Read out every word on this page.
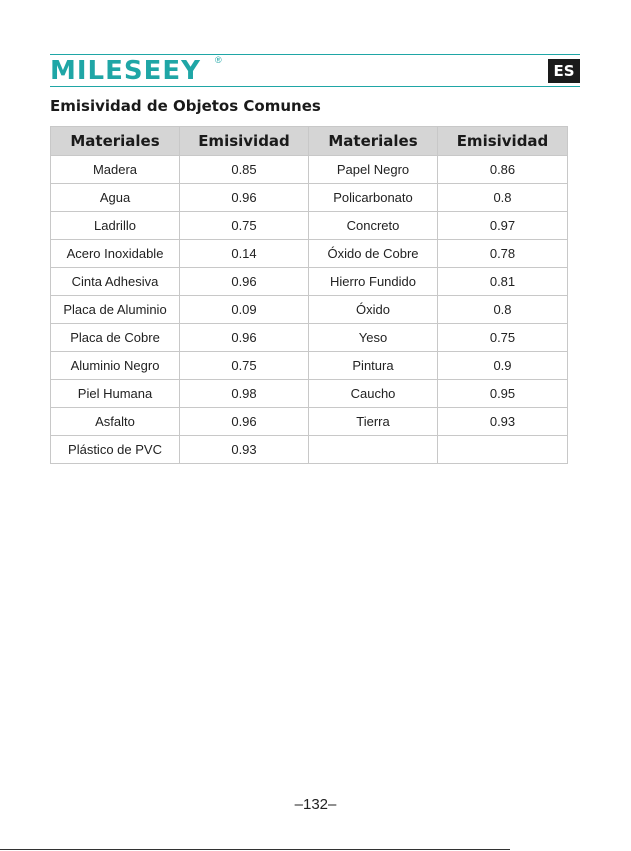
MILESEEY ®
ES
Emisividad de Objetos Comunes
Materiales	Emisividad	Materiales	Emisividad
Madera	0.85	Papel Negro	0.86
Agua	0.96	Policarbonato	0.8
Ladrillo	0.75	Concreto	0.97
Acero Inoxidable	0.14	Óxido de Cobre	0.78
Cinta Adhesiva	0.96	Hierro Fundido	0.81
Placa de Aluminio	0.09	Óxido	0.8
Placa de Cobre	0.96	Yeso	0.75
Aluminio Negro	0.75	Pintura	0.9
Piel Humana	0.98	Caucho	0.95
Asfalto	0.96	Tierra	0.93
Plástico de PVC	0.93		
–132–
